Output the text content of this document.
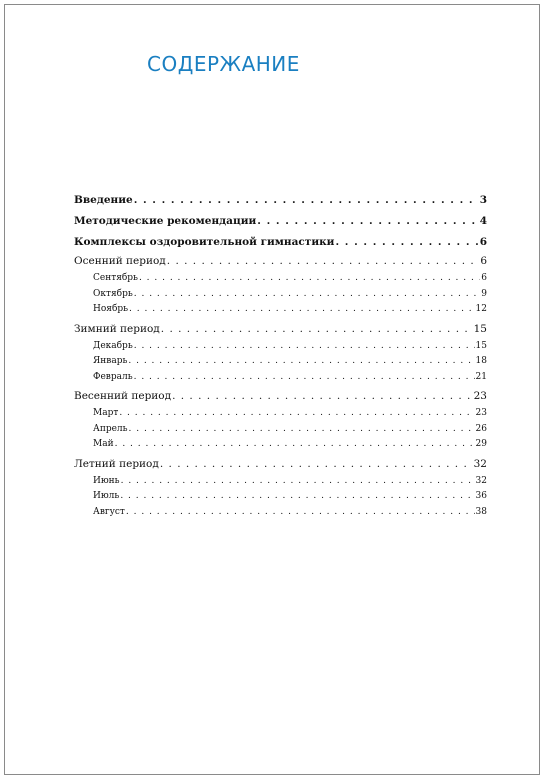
СОДЕРЖАНИЕ
Введение . . .	3
Методические рекомендации . . .	4
Комплексы оздоровительной гимнастики . . .	6
Осенний период . . .	6
Сентябрь . . .	6
Октябрь . . .	9
Ноябрь . . .	12
Зимний период . . .	15
Декабрь . . .	15
Январь . . .	18
Февраль . . .	21
Весенний период . . .	23
Март . . .	23
Апрель . . .	26
Май . . .	29
Летний период . . .	32
Июнь . . .	32
Июль . . .	36
Август . . .	38
